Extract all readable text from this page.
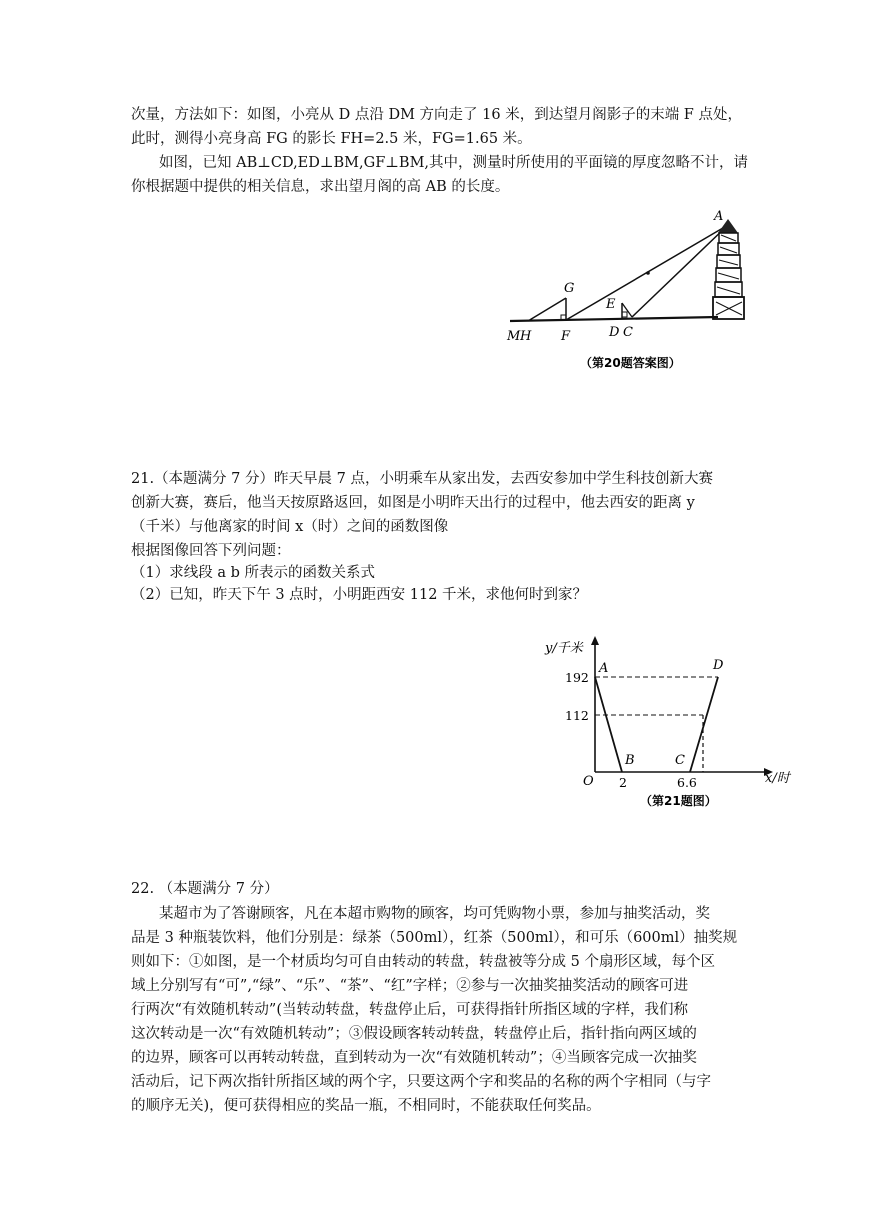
次量，方法如下：如图，小亮从 D 点沿 DM 方向走了 16 米，到达望月阁影子的末端 F 点处，
此时，测得小亮身高 FG 的影长 FH=2.5 米，FG=1.65 米。
如图，已知 AB⊥CD,ED⊥BM,GF⊥BM,其中，测量时所使用的平面镜的厚度忽略不计，请
你根据题中提供的相关信息，求出望月阁的高 AB 的长度。
A
G
E
M H F	D C
（第20题答案图）
21.（本题满分 7 分）昨天早晨 7 点，小明乘车从家出发，去西安参加中学生科技创新大赛
创新大赛，赛后，他当天按原路返回，如图是小明昨天出行的过程中，他去西安的距离 y
（千米）与他离家的时间 x（时）之间的函数图像
根据图像回答下列问题：
（1）求线段 a b 所表示的函数关系式
（2）已知，昨天下午 3 点时，小明距西安 112 千米，求他何时到家？
y/千米
x/时
O
192
112
2	6.6
A
B	C
D
（第21题图）
22. （本题满分 7 分）
某超市为了答谢顾客，凡在本超市购物的顾客，均可凭购物小票，参加与抽奖活动，奖
品是 3 种瓶装饮料，他们分别是：绿茶（500ml），红茶（500ml），和可乐（600ml）抽奖规
则如下：①如图，是一个材质均匀可自由转动的转盘，转盘被等分成 5 个扇形区域，每个区
域上分别写有“可”,“绿”、“乐”、“茶”、“红”字样；②参与一次抽奖抽奖活动的顾客可进
行两次“有效随机转动”(当转动转盘，转盘停止后，可获得指针所指区域的字样，我们称
这次转动是一次“有效随机转动”；③假设顾客转动转盘，转盘停止后，指针指向两区域的
的边界，顾客可以再转动转盘，直到转动为一次“有效随机转动”；④当顾客完成一次抽奖
活动后，记下两次指针所指区域的两个字，只要这两个字和奖品的名称的两个字相同（与字
的顺序无关)，便可获得相应的奖品一瓶，不相同时，不能获取任何奖品。
